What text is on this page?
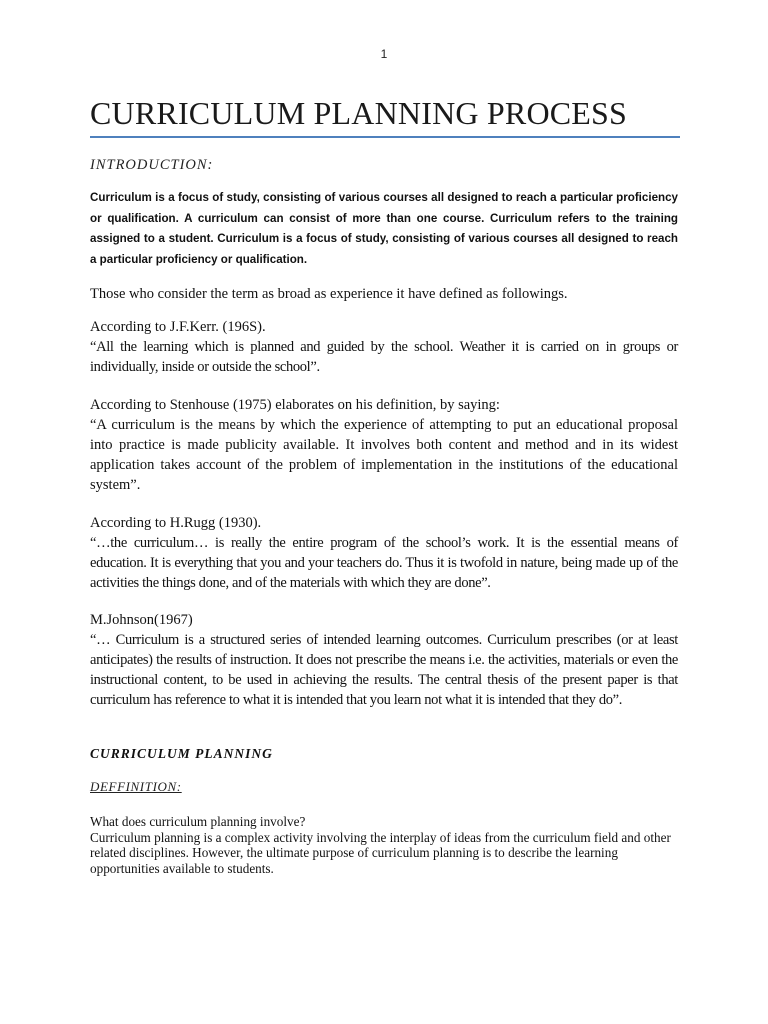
1
CURRICULUM PLANNING PROCESS
INTRODUCTION:

Curriculum is a focus of study, consisting of various courses all designed to reach a particular proficiency or qualification. A curriculum can consist of more than one course. Curriculum refers to the training assigned to a student. Curriculum is a focus of study, consisting of various courses all designed to reach a particular proficiency or qualification.

Those who consider the term as broad as experience it have defined as followings.

According to J.F.Kerr. (196S).

“All the learning which is planned and guided by the school. Weather it is carried on in groups or individually, inside or outside the school”.

According to Stenhouse (1975) elaborates on his definition, by saying:

“A curriculum is the means by which the experience of attempting to put an educational proposal into practice is made publicity available. It involves both content and method and in its widest application takes account of the problem of implementation in the institutions of the educational system”.

According to H.Rugg (1930).

“…the curriculum… is really the entire program of the school’s work. It is the essential means of education. It is everything that you and your teachers do. Thus it is twofold in nature, being made up of the activities the things done, and of the materials with which they are done”.

M.Johnson(1967)

“… Curriculum is a structured series of intended learning outcomes. Curriculum prescribes (or at least anticipates) the results of instruction. It does not prescribe the means i.e. the activities, materials or even the instructional content, to be used in achieving the results. The central thesis of the present paper is that curriculum has reference to what it is intended that you learn not what it is intended that they do”.

CURRICULUM PLANNING
DEFFINITION:

What does curriculum planning involve?
Curriculum planning is a complex activity involving the interplay of ideas from the curriculum field and other related disciplines. However, the ultimate purpose of curriculum planning is to describe the learning opportunities available to students.
